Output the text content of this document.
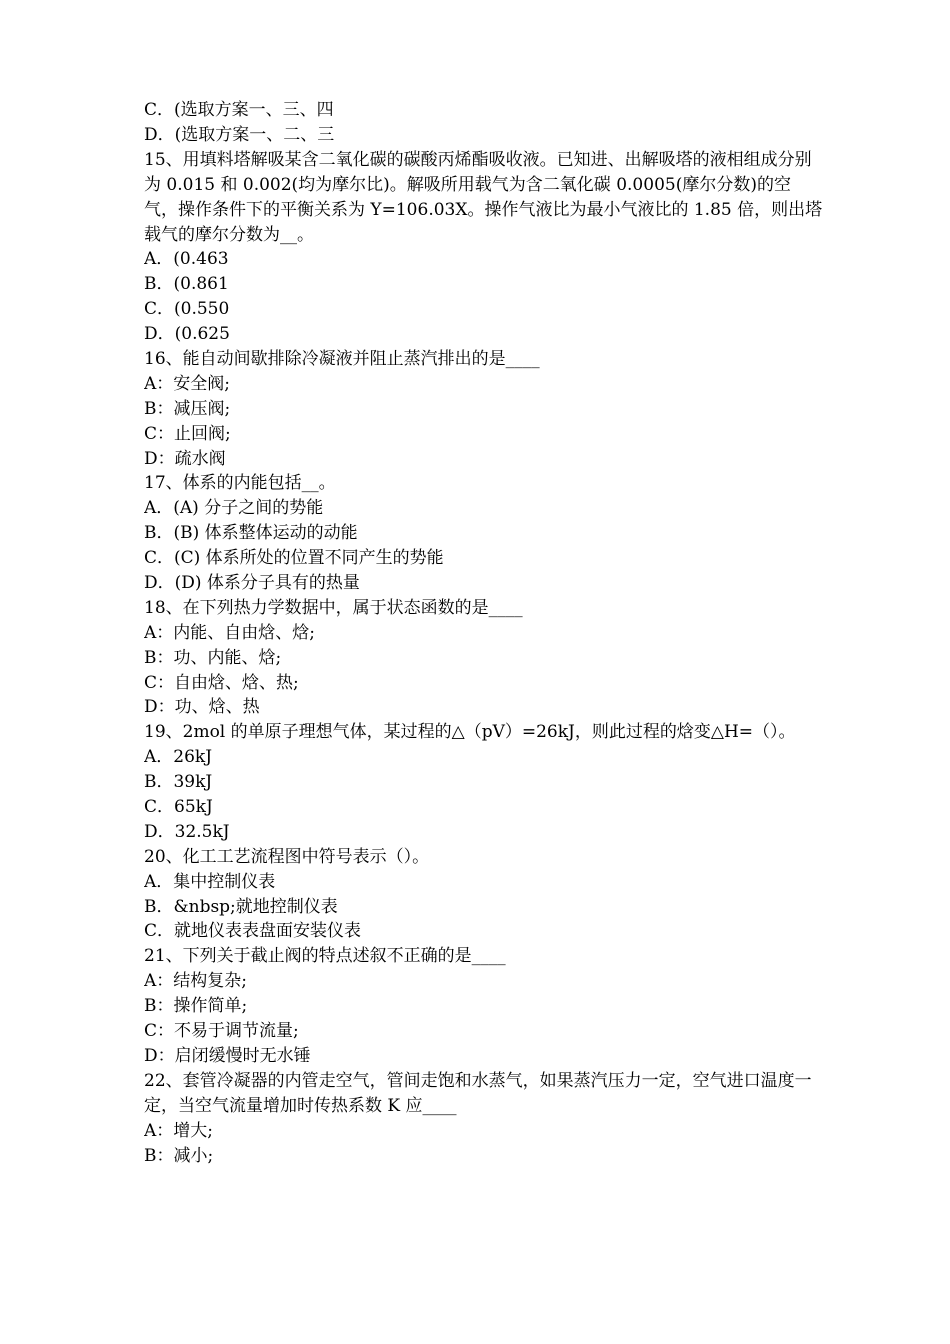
C．(选取方案一、三、四
D．(选取方案一、二、三
15、用填料塔解吸某含二氧化碳的碳酸丙烯酯吸收液。已知进、出解吸塔的液相组成分别为 0.015 和 0.002(均为摩尔比)。解吸所用载气为含二氧化碳 0.0005(摩尔分数)的空气，操作条件下的平衡关系为 Y=106.03X。操作气液比为最小气液比的 1.85 倍，则出塔载气的摩尔分数为__。
A．(0.463
B．(0.861
C．(0.550
D．(0.625
16、能自动间歇排除冷凝液并阻止蒸汽排出的是____
A：安全阀;
B：减压阀;
C：止回阀;
D：疏水阀
17、体系的内能包括__。
A．(A) 分子之间的势能
B．(B) 体系整体运动的动能
C．(C) 体系所处的位置不同产生的势能
D．(D) 体系分子具有的热量
18、在下列热力学数据中，属于状态函数的是____
A：内能、自由焓、焓;
B：功、内能、焓;
C：自由焓、焓、热;
D：功、焓、热
19、2mol 的单原子理想气体，某过程的△（pV）=26kJ，则此过程的焓变△H=（）。
A．26kJ
B．39kJ
C．65kJ
D．32.5kJ
20、化工工艺流程图中符号表示（）。
A．集中控制仪表
B．&nbsp;就地控制仪表
C．就地仪表表盘面安装仪表
21、下列关于截止阀的特点述叙不正确的是____
A：结构复杂;
B：操作简单;
C：不易于调节流量;
D：启闭缓慢时无水锤
22、套管冷凝器的内管走空气，管间走饱和水蒸气，如果蒸汽压力一定，空气进口温度一定，当空气流量增加时传热系数 K 应____
A：增大;
B：减小;
